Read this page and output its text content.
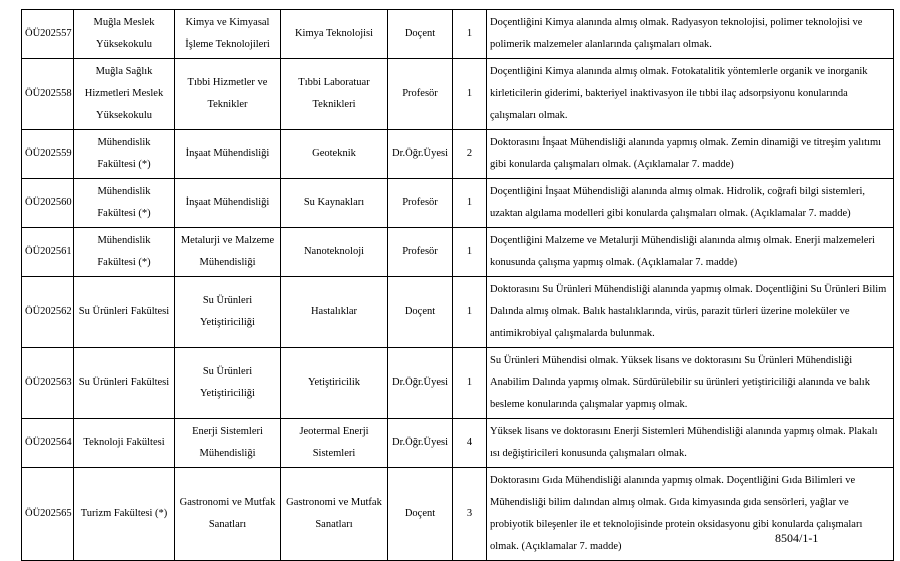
ÖÜ202557	Muğla Meslek Yüksekokulu	Kimya ve Kimyasal İşleme Teknolojileri	Kimya Teknolojisi	Doçent	1	Doçentliğini Kimya alanında almış olmak. Radyasyon teknolojisi, polimer teknolojisi ve polimerik malzemeler alanlarında çalışmaları olmak.
ÖÜ202558	Muğla Sağlık Hizmetleri Meslek Yüksekokulu	Tıbbi Hizmetler ve Teknikler	Tıbbi Laboratuar Teknikleri	Profesör	1	Doçentliğini Kimya alanında almış olmak. Fotokatalitik yöntemlerle organik ve inorganik kirleticilerin giderimi, bakteriyel inaktivasyon ile tıbbi ilaç adsorpsiyonu konularında çalışmaları olmak.
ÖÜ202559	Mühendislik Fakültesi (*)	İnşaat Mühendisliği	Geoteknik	Dr.Öğr.Üyesi	2	Doktorasını İnşaat Mühendisliği alanında yapmış olmak. Zemin dinamiği ve titreşim yalıtımı gibi konularda çalışmaları olmak. (Açıklamalar 7. madde)
ÖÜ202560	Mühendislik Fakültesi (*)	İnşaat Mühendisliği	Su Kaynakları	Profesör	1	Doçentliğini İnşaat Mühendisliği alanında almış olmak. Hidrolik, coğrafi bilgi sistemleri, uzaktan algılama modelleri gibi konularda çalışmaları olmak. (Açıklamalar 7. madde)
ÖÜ202561	Mühendislik Fakültesi (*)	Metalurji ve Malzeme Mühendisliği	Nanoteknoloji	Profesör	1	Doçentliğini Malzeme ve Metalurji Mühendisliği alanında almış olmak. Enerji malzemeleri konusunda çalışma yapmış olmak. (Açıklamalar 7. madde)
ÖÜ202562	Su Ürünleri Fakültesi	Su Ürünleri Yetiştiriciliği	Hastalıklar	Doçent	1	Doktorasını Su Ürünleri Mühendisliği alanında yapmış olmak. Doçentliğini Su Ürünleri Bilim Dalında almış olmak. Balık hastalıklarında, virüs, parazit türleri üzerine moleküler ve antimikrobiyal çalışmalarda bulunmak.
ÖÜ202563	Su Ürünleri Fakültesi	Su Ürünleri Yetiştiriciliği	Yetiştiricilik	Dr.Öğr.Üyesi	1	Su Ürünleri Mühendisi olmak. Yüksek lisans ve doktorasını Su Ürünleri Mühendisliği Anabilim Dalında yapmış olmak. Sürdürülebilir su ürünleri yetiştiriciliği alanında ve balık besleme konularında çalışmalar yapmış olmak.
ÖÜ202564	Teknoloji Fakültesi	Enerji Sistemleri Mühendisliği	Jeotermal Enerji Sistemleri	Dr.Öğr.Üyesi	4	Yüksek lisans ve doktorasını Enerji Sistemleri Mühendisliği alanında yapmış olmak. Plakalı ısı değiştiricileri konusunda çalışmaları olmak.
ÖÜ202565	Turizm Fakültesi (*)	Gastronomi ve Mutfak Sanatları	Gastronomi ve Mutfak Sanatları	Doçent	3	Doktorasını Gıda Mühendisliği alanında yapmış olmak. Doçentliğini Gıda Bilimleri ve Mühendisliği bilim dalından almış olmak. Gıda kimyasında gıda sensörleri, yağlar ve probiyotik bileşenler ile et teknolojisinde protein oksidasyonu gibi konularda çalışmaları olmak. (Açıklamalar 7. madde)
8504/1-1
